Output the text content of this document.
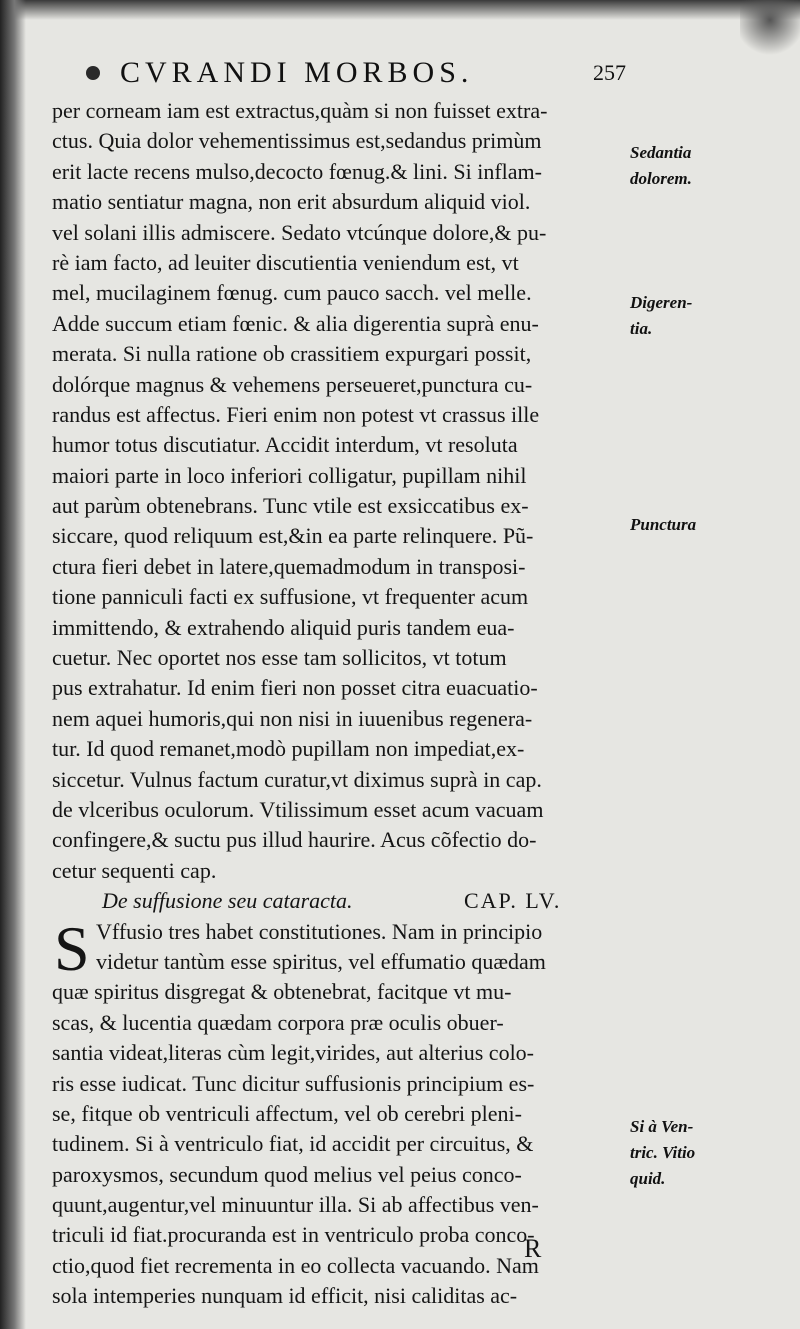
CVRANDI MORBOS.	257
per corneam iam est extractus,quàm si non fuisset extra-
ctus. Quia dolor vehementissimus est,sedandus primùm
erit lacte recens mulso,decocto fœnug.& lini. Si inflam-
matio sentiatur magna, non erit absurdum aliquid viol.
vel solani illis admiscere. Sedato vtcúnque dolore,& pu-
rè iam facto, ad leuiter discutientia veniendum est, vt
mel, mucilaginem fœnug. cum pauco sacch. vel melle.
Adde succum etiam fœnic. & alia digerentia suprà enu-
merata. Si nulla ratione ob crassitiem expurgari possit,
dolórque magnus & vehemens perseueret,punctura cu-
randus est affectus. Fieri enim non potest vt crassus ille
humor totus discutiatur. Accidit interdum, vt resoluta
maiori parte in loco inferiori colligatur, pupillam nihil
aut parùm obtenebrans. Tunc vtile est exsiccatibus ex-
siccare, quod reliquum est,&in ea parte relinquere. Pũ-
ctura fieri debet in latere,quemadmodum in transposi-
tione panniculi facti ex suffusione, vt frequenter acum
immittendo, & extrahendo aliquid puris tandem eua-
cuetur. Nec oportet nos esse tam sollicitos, vt totum
pus extrahatur. Id enim fieri non posset citra euacuatio-
nem aquei humoris,qui non nisi in iuuenibus regenera-
tur. Id quod remanet,modò pupillam non impediat,ex-
siccetur. Vulnus factum curatur,vt diximus suprà in cap.
de vlceribus oculorum. Vtilissimum esset acum vacuam
confingere,& suctu pus illud haurire. Acus cõfectio do-
cetur sequenti cap.
De suffusione seu cataracta.	CAP. LV.
S Vffusio tres habet constitutiones. Nam in principio
videtur tantùm esse spiritus, vel effumatio quædam
quæ spiritus disgregat & obtenebrat, facitque vt mu-
scas, & lucentia quædam corpora præ oculis obuer-
santia videat,literas cùm legit,virides, aut alterius colo-
ris esse iudicat. Tunc dicitur suffusionis principium es-
se, fitque ob ventriculi affectum, vel ob cerebri pleni-
tudinem. Si à ventriculo fiat, id accidit per circuitus, &
paroxysmos, secundum quod melius vel peius conco-
quunt,augentur,vel minuuntur illa. Si ab affectibus ven-
triculi id fiat.procuranda est in ventriculo proba conco-
ctio,quod fiet recrementa in eo collecta vacuando. Nam
sola intemperies nunquam id efficit, nisi caliditas ac-
R
Sedantia
dolorem.
Digeren-
tia.
Punctura
Si à Ven-
tric. Vitio
quid.
